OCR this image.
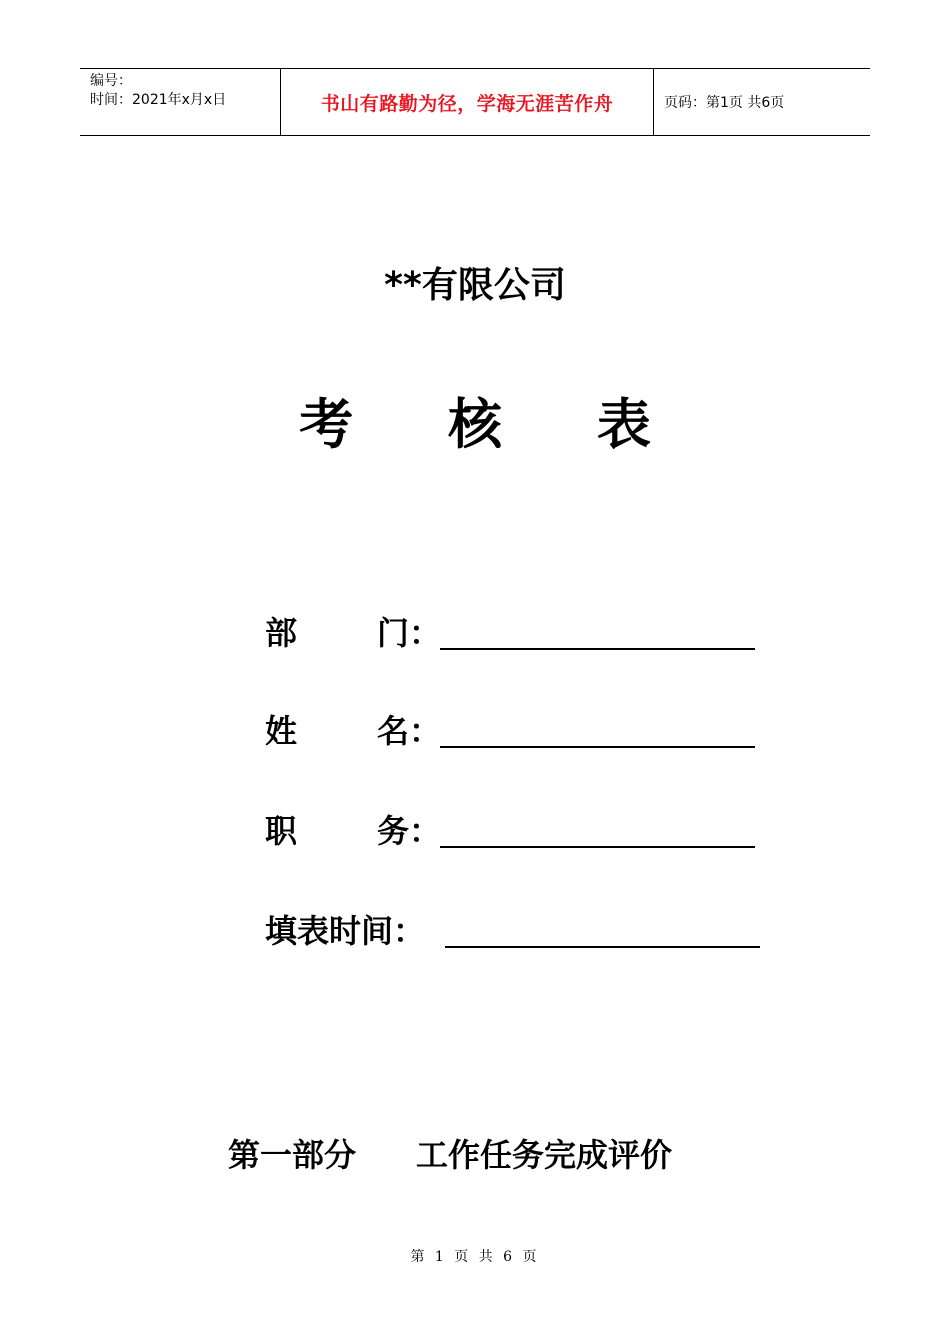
编号：
时间：2021年x月x日	书山有路勤为径，学海无涯苦作舟	页码：第1页 共6页
**有限公司
考 核 表
部 门 ：
姓 名 ：
职 务 ：
填表时间：
第一部分 工作任务完成评价
第 1 页 共 6 页
